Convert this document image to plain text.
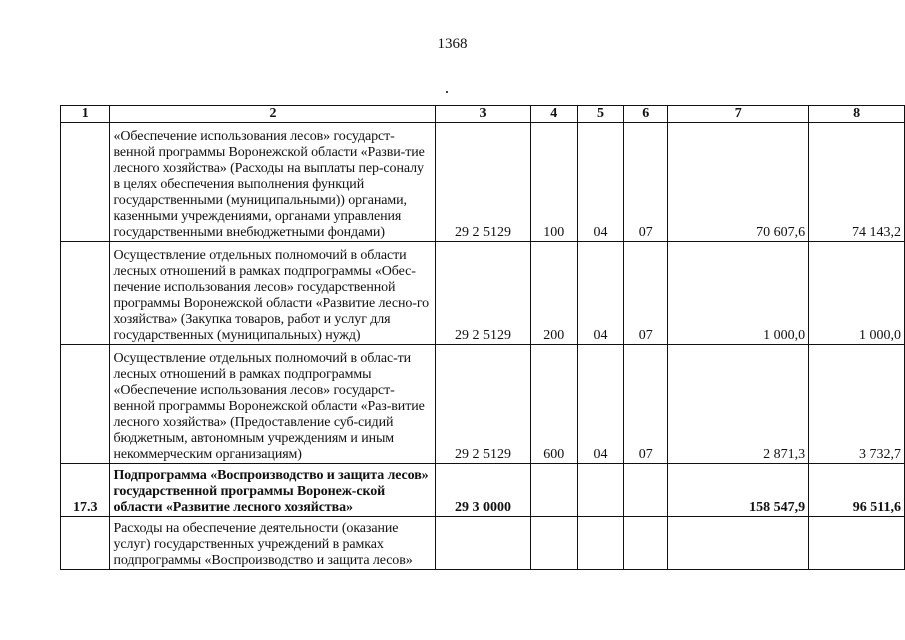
1368
1	2	3	4	5	6	7	8
	«Обеспечение использования лесов» государст-венной программы Воронежской области «Разви-тие лесного хозяйства» (Расходы на выплаты пер-соналу в целях обеспечения выполнения функций государственными (муниципальными)) органами, казенными учреждениями, органами управления государственными внебюджетными фондами)	29 2 5129	100	04	07	70 607,6	74 143,2
	Осуществление отдельных полномочий в области лесных отношений в рамках подпрограммы «Обес-печение использования лесов» государственной программы Воронежской области «Развитие лесно-го хозяйства» (Закупка товаров, работ и услуг для государственных (муниципальных) нужд)	29 2 5129	200	04	07	1 000,0	1 000,0
	Осуществление отдельных полномочий в облас-ти лесных отношений в рамках подпрограммы «Обеспечение использования лесов» государст-венной программы Воронежской области «Раз-витие лесного хозяйства» (Предоставление суб-сидий бюджетным, автономным учреждениям и иным некоммерческим организациям)	29 2 5129	600	04	07	2 871,3	3 732,7
17.3	Подпрограмма «Воспроизводство и защита лесов» государственной программы Воронеж-ской области «Развитие лесного хозяйства»	29 3 0000				158 547,9	96 511,6
	Расходы на обеспечение деятельности (оказание услуг) государственных учреждений в рамках подпрограммы «Воспроизводство и защита лесов»						
